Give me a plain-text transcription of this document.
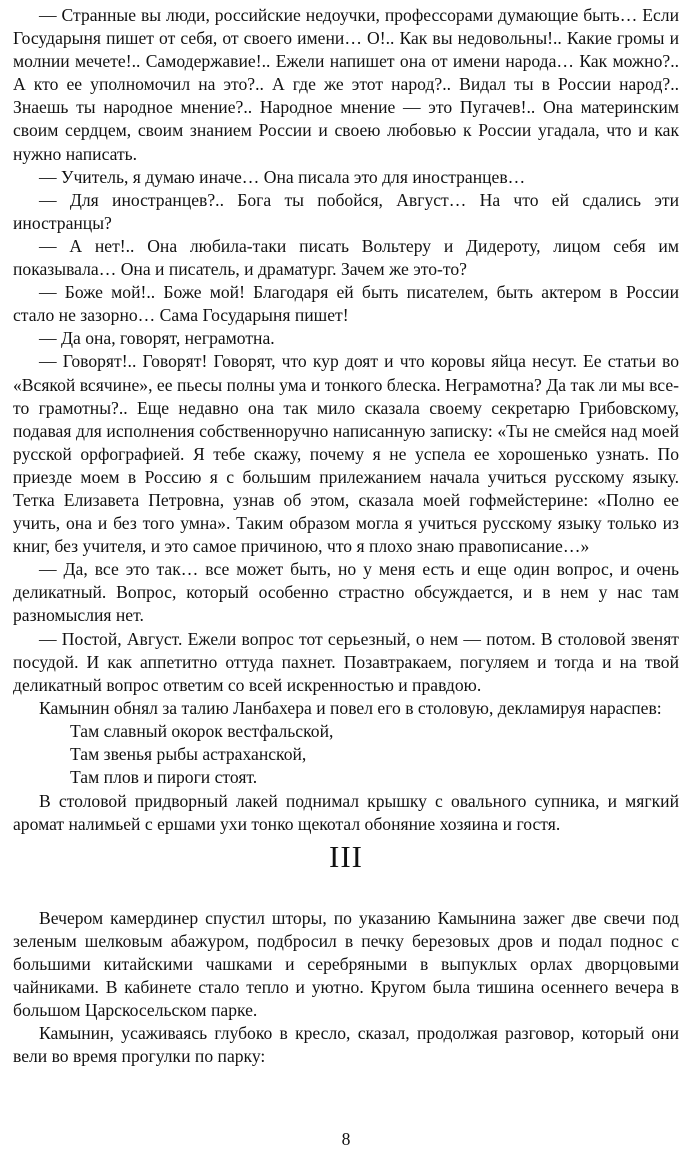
— Странные вы люди, российские недоучки, профессорами думающие быть… Если Государыня пишет от себя, от своего имени… О!.. Как вы недовольны!.. Какие громы и молнии мечете!.. Самодержавие!.. Ежели напишет она от имени народа… Как можно?.. А кто ее уполномочил на это?.. А где же этот народ?.. Видал ты в России народ?.. Знаешь ты народное мнение?.. Народное мнение — это Пугачев!.. Она материнским своим сердцем, своим знанием России и своею любовью к России угадала, что и как нужно написать.

— Учитель, я думаю иначе… Она писала это для иностранцев…

— Для иностранцев?.. Бога ты побойся, Август… На что ей сдались эти иностранцы?

— А нет!.. Она любила-таки писать Вольтеру и Дидероту, лицом себя им показывала… Она и писатель, и драматург. Зачем же это-то?

— Боже мой!.. Боже мой! Благодаря ей быть писателем, быть актером в России стало не зазорно… Сама Государыня пишет!

— Да она, говорят, неграмотна.

— Говорят!.. Говорят! Говорят, что кур доят и что коровы яйца несут. Ее статьи во «Всякой всячине», ее пьесы полны ума и тонкого блеска. Неграмотна? Да так ли мы все-то грамотны?.. Еще недавно она так мило сказала своему секретарю Грибовскому, подавая для исполнения собственноручно написанную записку: «Ты не смейся над моей русской орфографией. Я тебе скажу, почему я не успела ее хорошенько узнать. По приезде моем в Россию я с большим прилежанием начала учиться русскому языку. Тетка Елизавета Петровна, узнав об этом, сказала моей гофмейстерине: «Полно ее учить, она и без того умна». Таким образом могла я учиться русскому языку только из книг, без учителя, и это самое причиною, что я плохо знаю правописание…»

— Да, все это так… все может быть, но у меня есть и еще один вопрос, и очень деликатный. Вопрос, который особенно страстно обсуждается, и в нем у нас там разномыслия нет.

— Постой, Август. Ежели вопрос тот серьезный, о нем — потом. В столовой звенят посудой. И как аппетитно оттуда пахнет. Позавтракаем, погуляем и тогда и на твой деликатный вопрос ответим со всей искренностью и правдою.

Камынин обнял за талию Ланбахера и повел его в столовую, декламируя нараспев:

Там славный окорок вестфальской,
Там звенья рыбы астраханской,
Там плов и пироги стоят.

В столовой придворный лакей поднимал крышку с овального супника, и мягкий аромат налимьей с ершами ухи тонко щекотал обоняние хозяина и гостя.

III

Вечером камердинер спустил шторы, по указанию Камынина зажег две свечи под зеленым шелковым абажуром, подбросил в печку березовых дров и подал поднос с большими китайскими чашками и серебряными в выпуклых орлах дворцовыми чайниками. В кабинете стало тепло и уютно. Кругом была тишина осеннего вечера в большом Царскосельском парке.

Камынин, усаживаясь глубоко в кресло, сказал, продолжая разговор, который они вели во время прогулки по парку:

8
